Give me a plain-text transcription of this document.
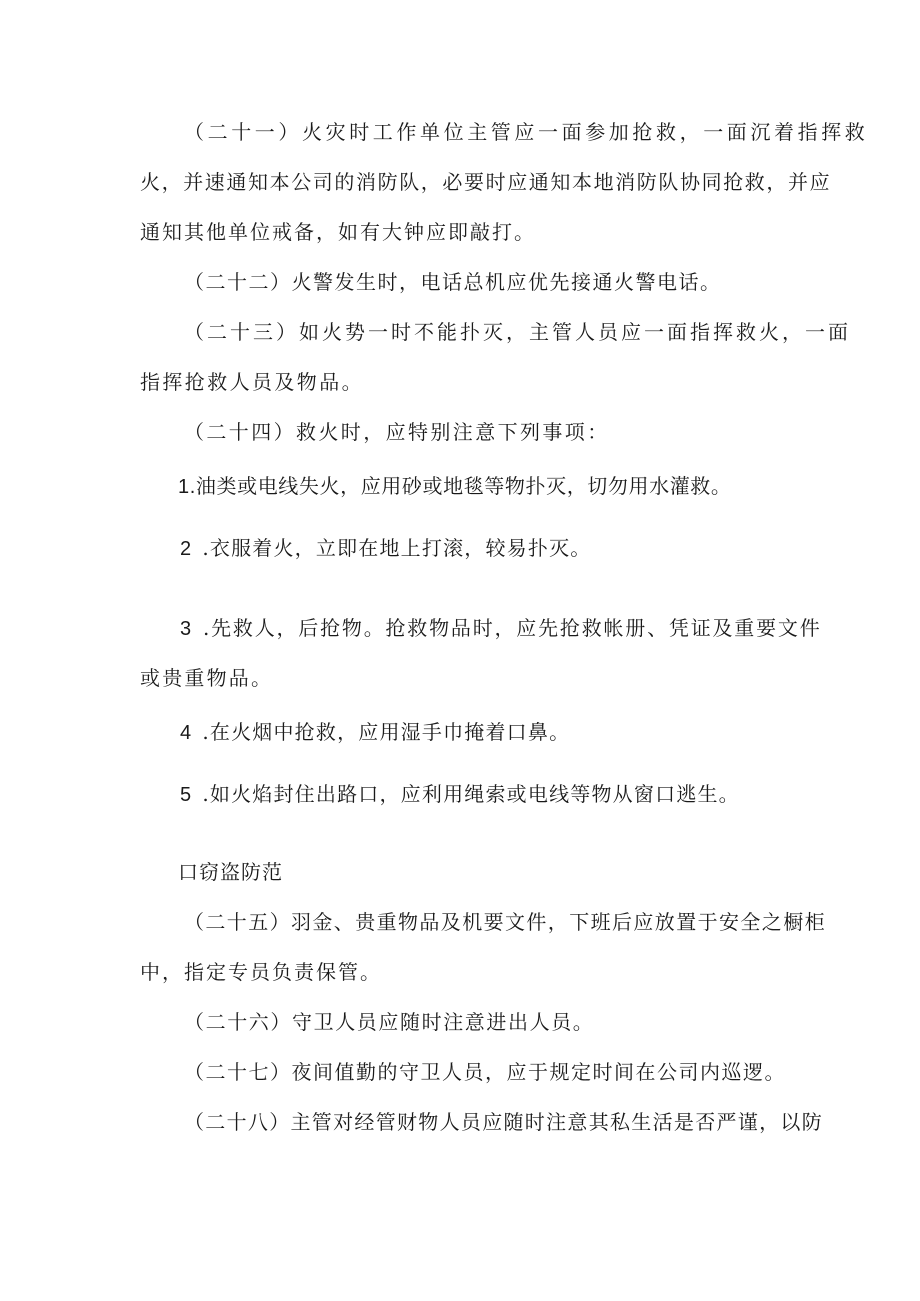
（二十一）火灾时工作单位主管应一面参加抢救，一面沉着指挥救

火，并速通知本公司的消防队，必要时应通知本地消防队协同抢救，并应

通知其他单位戒备，如有大钟应即敲打。

（二十二）火警发生时，电话总机应优先接通火警电话。

（二十三）如火势一时不能扑灭，主管人员应一面指挥救火，一面

指挥抢救人员及物品。

（二十四）救火时，应特别注意下列事项：

1.油类或电线失火，应用砂或地毯等物扑灭，切勿用水灌救。

2 .衣服着火，立即在地上打滚，较易扑灭。

3 .先救人，后抢物。抢救物品时，应先抢救帐册、凭证及重要文件

或贵重物品。

4 .在火烟中抢救，应用湿手巾掩着口鼻。

5 .如火焰封住出路口，应利用绳索或电线等物从窗口逃生。

口窃盗防范

（二十五）羽金、贵重物品及机要文件，下班后应放置于安全之橱柜

中，指定专员负责保管。

（二十六）守卫人员应随时注意进出人员。

（二十七）夜间值勤的守卫人员，应于规定时间在公司内巡逻。

（二十八）主管对经管财物人员应随时注意其私生活是否严谨，以防
